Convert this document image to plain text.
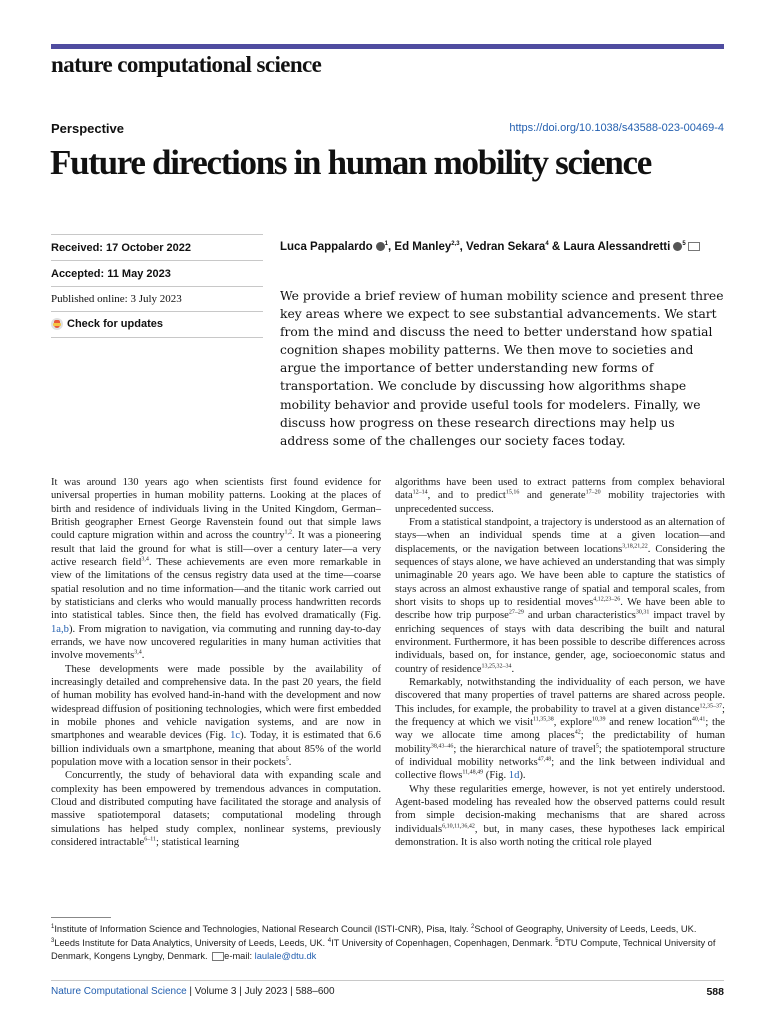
nature computational science
Perspective	https://doi.org/10.1038/s43588-023-00469-4
Future directions in human mobility science
Received: 17 October 2022
Accepted: 11 May 2023
Published online: 3 July 2023
Check for updates
Luca Pappalardo $^1$, Ed Manley$^{2,3}$, Vedran Sekara$^4$ & Laura Alessandretti $^5$
We provide a brief review of human mobility science and present three key areas where we expect to see substantial advancements. We start from the mind and discuss the need to better understand how spatial cognition shapes mobility patterns. We then move to societies and argue the importance of better understanding new forms of transportation. We conclude by discussing how algorithms shape mobility behavior and provide useful tools for modelers. Finally, we discuss how progress on these research directions may help us address some of the challenges our society faces today.

It was around 130 years ago when scientists first found evidence for universal properties in human mobility patterns. Looking at the places of birth and residence of individuals living in the United Kingdom, German–British geographer Ernest George Ravenstein found out that simple laws could capture migration within and across the country$^{1,2}$. It was a pioneering result that laid the ground for what is still—over a century later—a very active research field$^{3,4}$. These achievements are even more remarkable in view of the limitations of the census registry data used at the time—coarse spatial resolution and no time information—and the titanic work carried out by statisticians and clerks who would manually process handwritten records into statistical tables. Since then, the field has evolved dramatically (Fig. 1a,b). From migration to navigation, via commuting and running day-to-day errands, we have now uncovered regularities in many human activities that involve movements$^{3,4}$.

These developments were made possible by the availability of increasingly detailed and comprehensive data. In the past 20 years, the field of human mobility has evolved hand-in-hand with the development and now widespread diffusion of positioning technologies, which were first embedded in mobile phones and vehicle navigation systems, and are now in smartphones and wearable devices (Fig. 1c). Today, it is estimated that 6.6 billion individuals own a smartphone, meaning that about 85% of the world population move with a location sensor in their pockets$^5$.

Concurrently, the study of behavioral data with expanding scale and complexity has been empowered by tremendous advances in computation. Cloud and distributed computing have facilitated the storage and analysis of massive spatiotemporal datasets; computational modeling through simulations has helped study complex, nonlinear systems, previously considered intractable$^{6-11}$; statistical learning

algorithms have been used to extract patterns from complex behavioral data$^{12-14}$, and to predict$^{15,16}$ and generate$^{17-20}$ mobility trajectories with unprecedented success.

From a statistical standpoint, a trajectory is understood as an alternation of stays—when an individual spends time at a given location—and displacements, or the navigation between locations$^{3,18,21,22}$. Considering the sequences of stays alone, we have achieved an understanding that was simply unimaginable 20 years ago. We have been able to capture the statistics of stays across an almost exhaustive range of spatial and temporal scales, from short visits to shops up to residential moves$^{4,12,23-26}$. We have been able to describe how trip purpose$^{27-29}$ and urban characteristics$^{30,31}$ impact travel by enriching sequences of stays with data describing the built and natural environment. Furthermore, it has been possible to describe differences across individuals, based on, for instance, gender, age, socioeconomic status and country of residence$^{13,25,32-34}$.

Remarkably, notwithstanding the individuality of each person, we have discovered that many properties of travel patterns are shared across people. This includes, for example, the probability to travel at a given distance$^{12,35-37}$; the frequency at which we visit$^{11,35,38}$, explore$^{10,39}$ and renew location$^{40,41}$; the way we allocate time among places$^{42}$; the predictability of human mobility$^{38,43-46}$; the hierarchical nature of travel$^5$; the spatiotemporal structure of individual mobility networks$^{47,48}$; and the link between individual and collective flows$^{11,48,49}$ (Fig. 1d).

Why these regularities emerge, however, is not yet entirely understood. Agent-based modeling has revealed how the observed patterns could result from simple decision-making mechanisms that are shared across individuals$^{6,10,11,36,42}$, but, in many cases, these hypotheses lack empirical demonstration. It is also worth noting the critical role played

$^1$Institute of Information Science and Technologies, National Research Council (ISTI-CNR), Pisa, Italy. $^2$School of Geography, University of Leeds, Leeds, UK. $^3$Leeds Institute for Data Analytics, University of Leeds, Leeds, UK. $^4$IT University of Copenhagen, Copenhagen, Denmark. $^5$DTU Compute, Technical University of Denmark, Kongens Lyngby, Denmark. e-mail: laulale@dtu.dk
Nature Computational Science | Volume 3 | July 2023 | 588–600	588
